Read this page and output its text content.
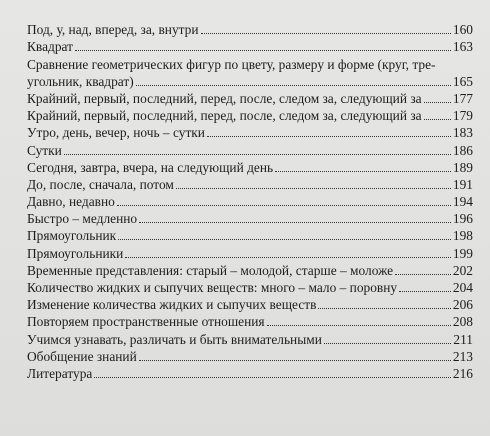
Под, у, над, вперед, за, внутри	160
Квадрат	163
Сравнение геометрических фигур по цвету, размеру и форме (круг, тре-
угольник, квадрат)	165
Крайний, первый, последний, перед, после, следом за, следующий за 177
Крайний, первый, последний, перед, после, следом за, следующий за 179
Утро, день, вечер, ночь – сутки	183
Сутки	186
Сегодня, завтра, вчера, на следующий день	189
До, после, сначала, потом	191
Давно, недавно	194
Быстро – медленно	196
Прямоугольник	198
Прямоугольники	199
Временные представления: старый – молодой, старше – моложе	202
Количество жидких и сыпучих веществ: много – мало – поровну	204
Изменение количества жидких и сыпучих веществ	206
Повторяем пространственные отношения	208
Учимся узнавать, различать и быть внимательными	211
Обобщение знаний	213
Литература	216
